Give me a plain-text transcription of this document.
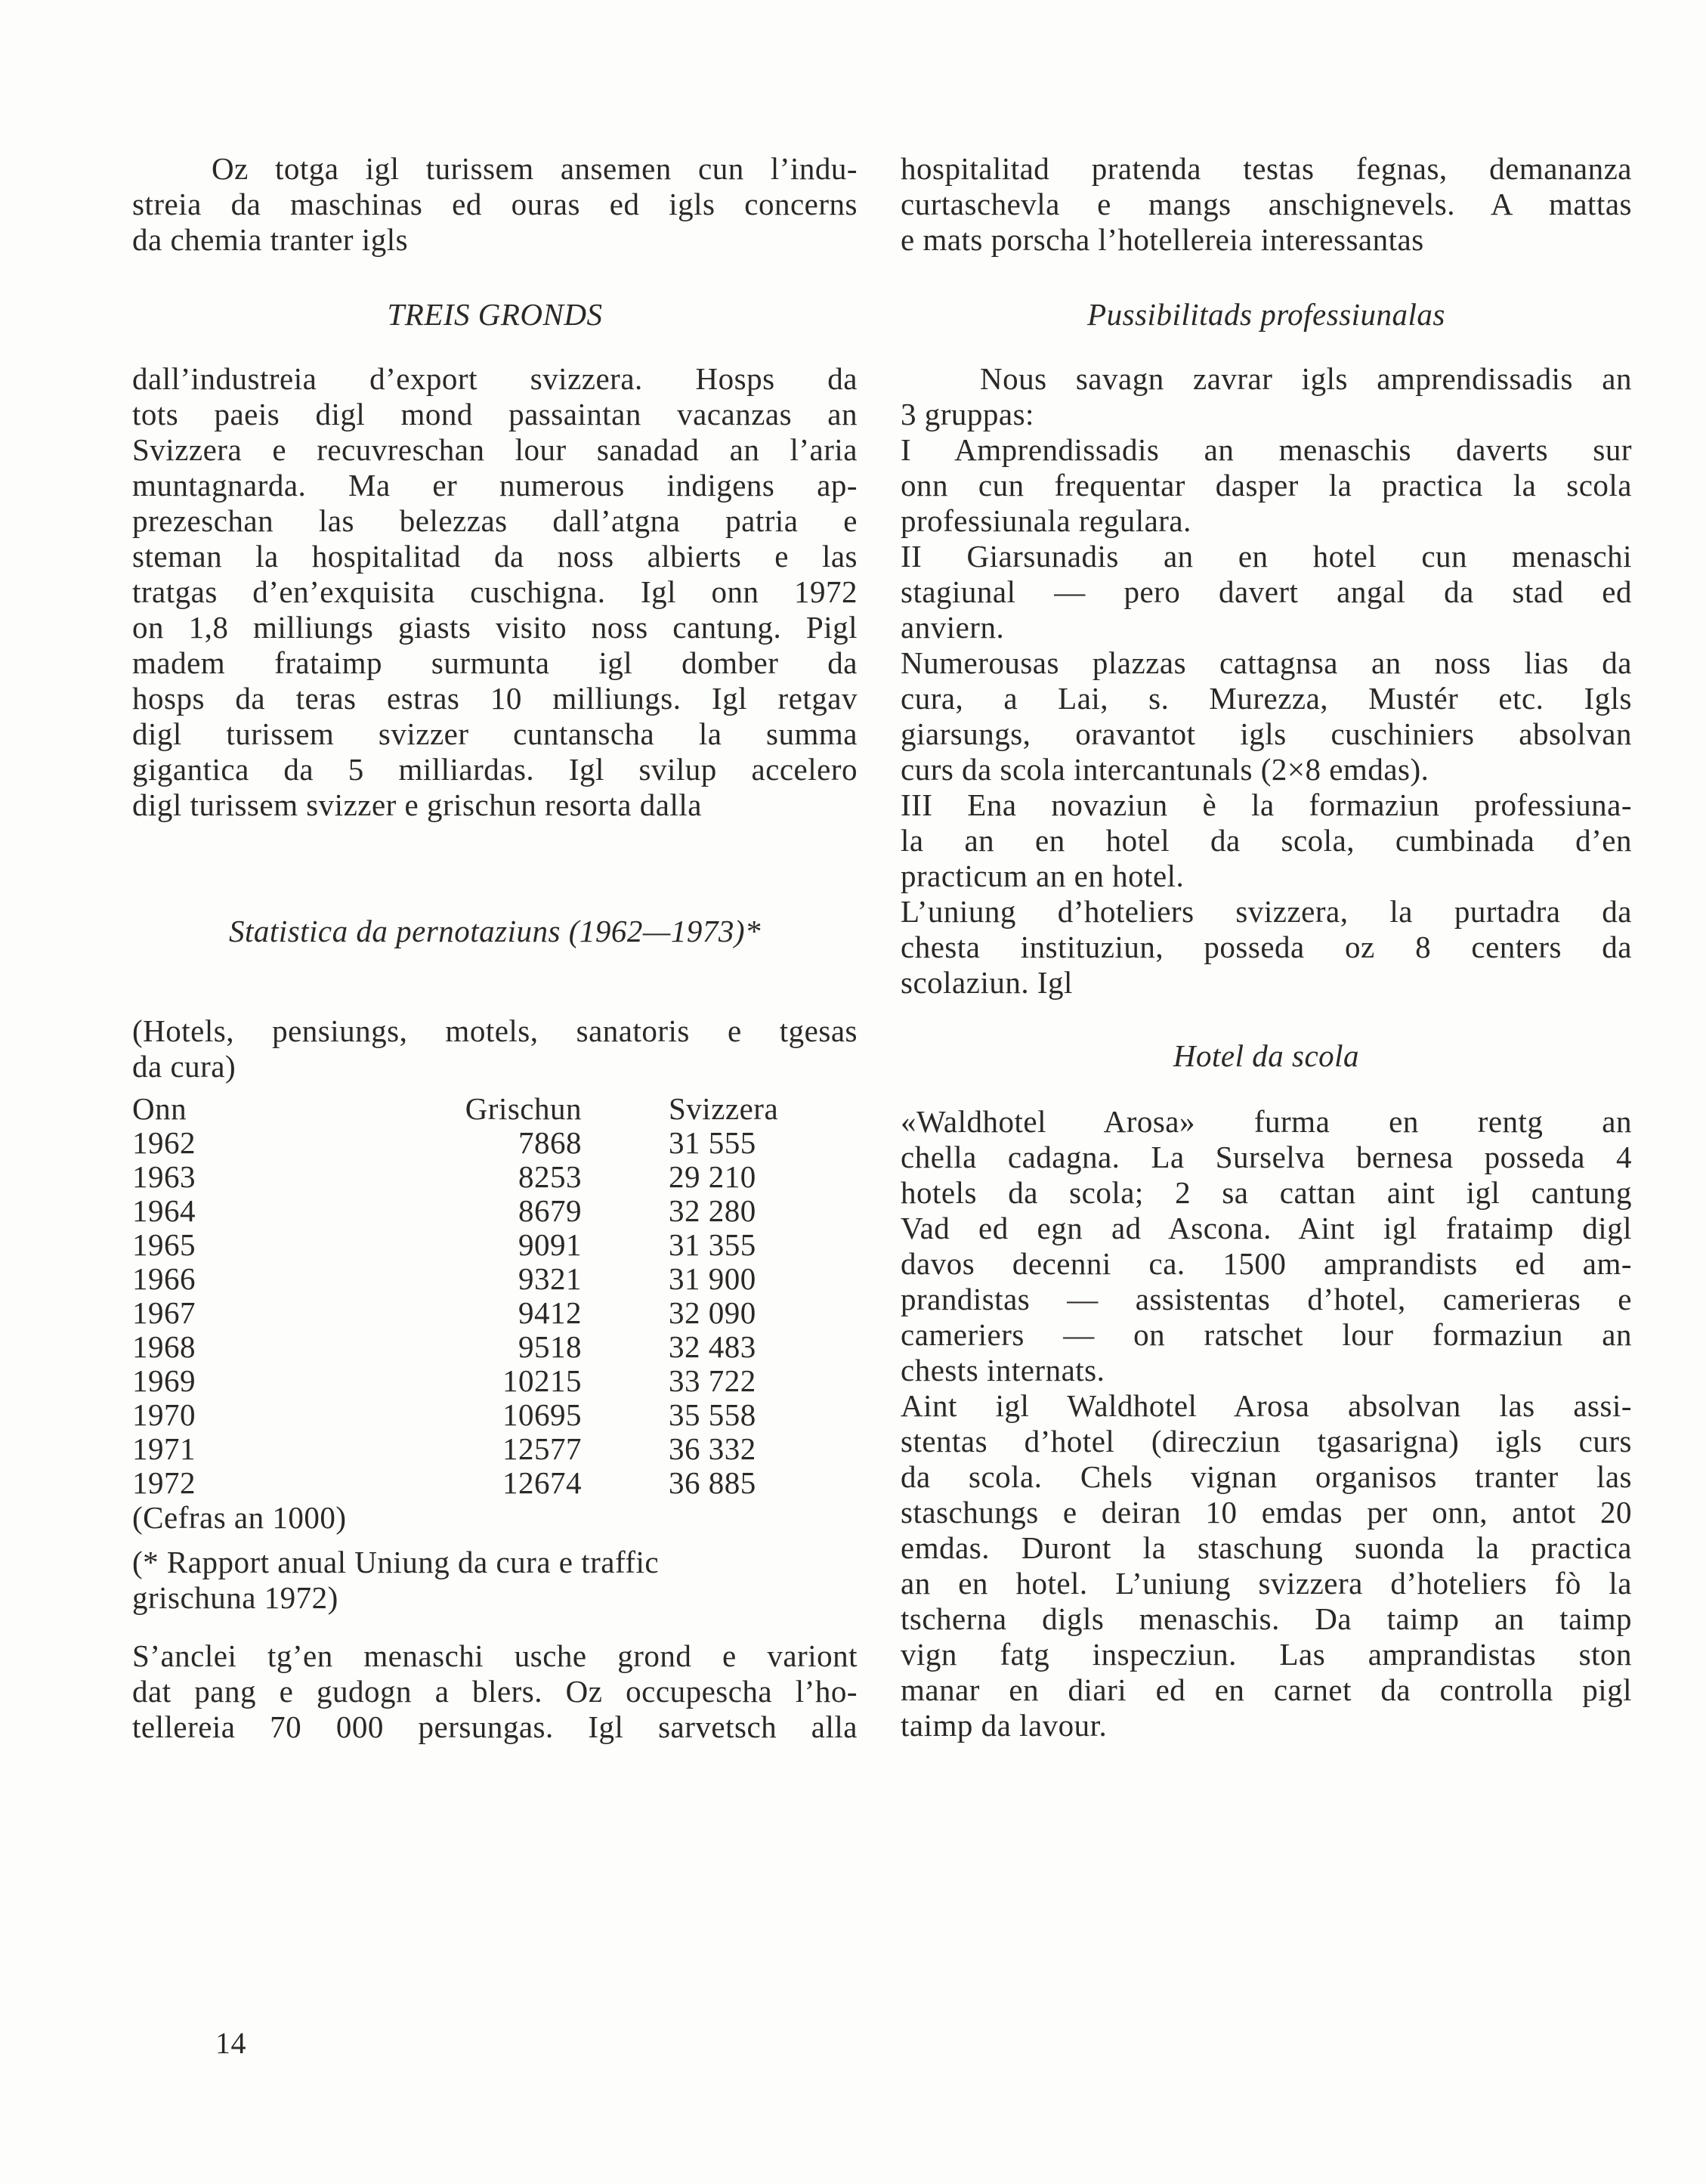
Oz totga igl turissem ansemen cun l’indu-
streia da maschinas ed ouras ed igls concerns
da chemia tranter igls
TREIS GRONDS
dall’industreia d’export svizzera. Hosps da
tots paeis digl mond passaintan vacanzas an
Svizzera e recuvreschan lour sanadad an l’aria
muntagnarda. Ma er numerous indigens ap-
prezeschan las belezzas dall’atgna patria e
steman la hospitalitad da noss albierts e las
tratgas d’en’exquisita cuschigna. Igl onn 1972
on 1,8 milliungs giasts visito noss cantung. Pigl
madem frataimp surmunta igl domber da
hosps da teras estras 10 milliungs. Igl retgav
digl turissem svizzer cuntanscha la summa
gigantica da 5 milliardas. Igl svilup accelero
digl turissem svizzer e grischun resorta dalla
Statistica da pernotaziuns (1962—1973)*
(Hotels, pensiungs, motels, sanatoris e tgesas
da cura)
Onn	Grischun	Svizzera
1962	7868	31 555
1963	8253	29 210
1964	8679	32 280
1965	9091	31 355
1966	9321	31 900
1967	9412	32 090
1968	9518	32 483
1969	10215	33 722
1970	10695	35 558
1971	12577	36 332
1972	12674	36 885
(Cefras an 1000)
(* Rapport anual Uniung da cura e traffic
grischuna 1972)
S’anclei tg’en menaschi usche grond e variont
dat pang e gudogn a blers. Oz occupescha l’ho-
tellereia 70 000 persungas. Igl sarvetsch alla
hospitalitad pratenda testas fegnas, demananza
curtaschevla e mangs anschignevels. A mattas
e mats porscha l’hotellereia interessantas
Pussibilitads professiunalas
Nous savagn zavrar igls amprendissadis an
3 gruppas:
I Amprendissadis an menaschis daverts sur
onn cun frequentar dasper la practica la scola
professiunala regulara.
II Giarsunadis an en hotel cun menaschi
stagiunal — pero davert angal da stad ed
anviern.
Numerousas plazzas cattagnsa an noss lias da
cura, a Lai, s. Murezza, Mustér etc. Igls
giarsungs, oravantot igls cuschiniers absolvan
curs da scola intercantunals (2×8 emdas).
III Ena novaziun è la formaziun professiuna-
la an en hotel da scola, cumbinada d’en
practicum an en hotel.
L’uniung d’hoteliers svizzera, la purtadra da
chesta instituziun, posseda oz 8 centers da
scolaziun. Igl
Hotel da scola
«Waldhotel Arosa» furma en rentg an
chella cadagna. La Surselva bernesa posseda 4
hotels da scola; 2 sa cattan aint igl cantung
Vad ed egn ad Ascona. Aint igl frataimp digl
davos decenni ca. 1500 amprandists ed am-
prandistas — assistentas d’hotel, camerieras e
cameriers — on ratschet lour formaziun an
chests internats.
Aint igl Waldhotel Arosa absolvan las assi-
stentas d’hotel (direcziun tgasarigna) igls curs
da scola. Chels vignan organisos tranter las
staschungs e deiran 10 emdas per onn, antot 20
emdas. Duront la staschung suonda la practica
an en hotel. L’uniung svizzera d’hoteliers fò la
tscherna digls menaschis. Da taimp an taimp
vign fatg inspecziun. Las amprandistas ston
manar en diari ed en carnet da controlla pigl
taimp da lavour.
14
